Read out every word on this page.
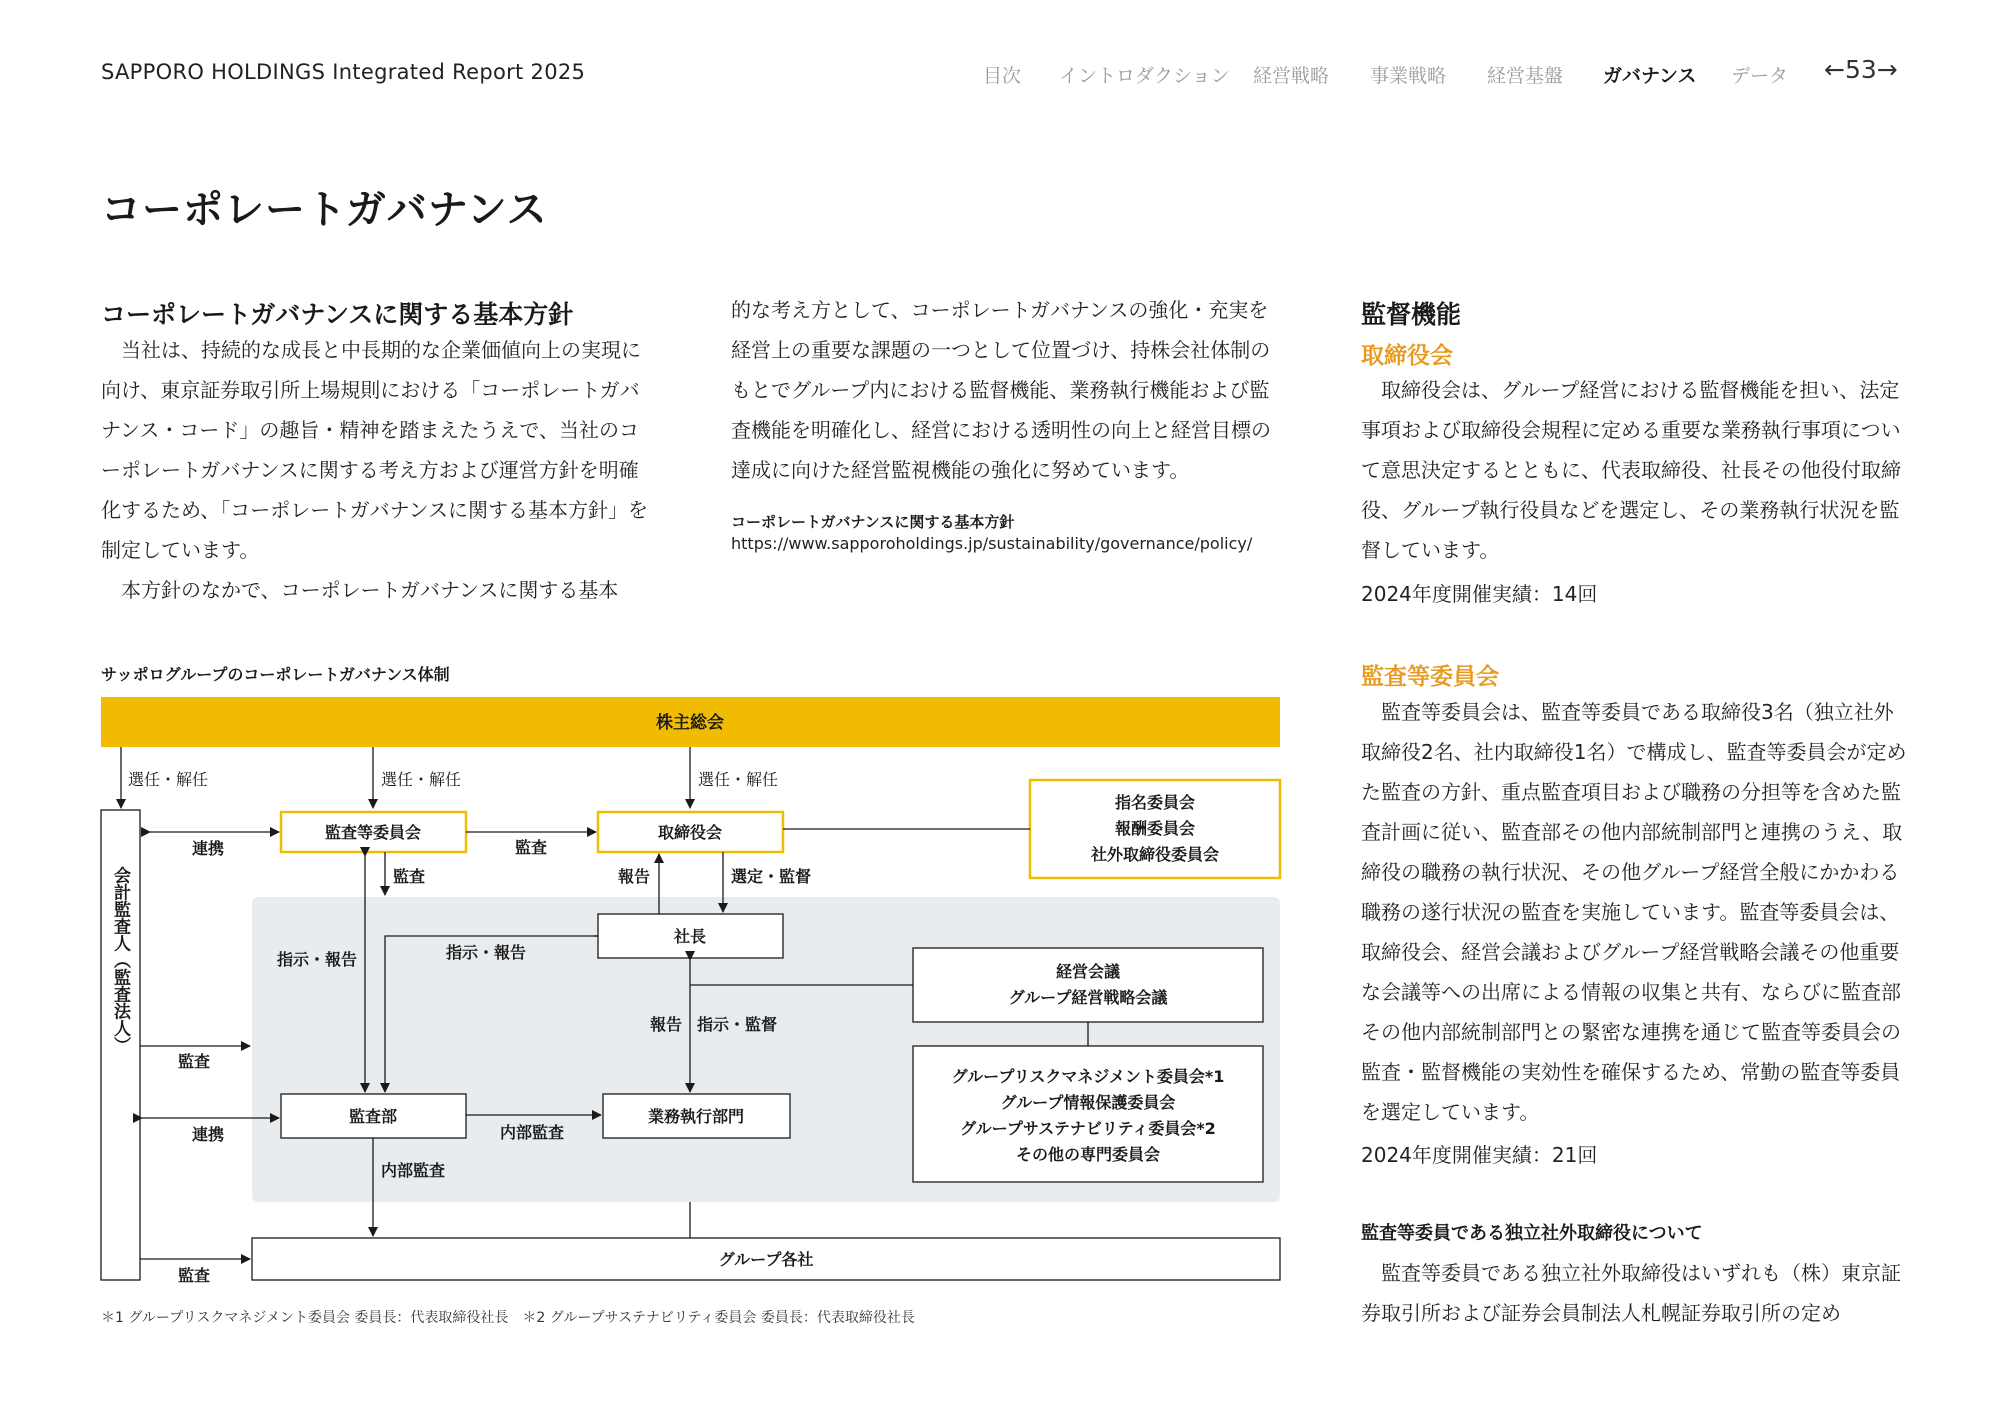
SAPPORO HOLDINGS Integrated Report 2025	目次 イントロダクション 経営戦略 事業戦略 経営基盤 ガバナンス データ ←53→
コーポレートガバナンス
コーポレートガバナンスに関する基本方針

当社は、持続的な成長と中長期的な企業価値向上の実現に向け、東京証券取引所上場規則における「コーポレートガバナンス・コード」の趣旨・精神を踏まえたうえで、当社のコーポレートガバナンスに関する考え方および運営方針を明確化するため、「コーポレートガバナンスに関する基本方針」を制定しています。

本方針のなかで、コーポレートガバナンスに関する基本

的な考え方として、コーポレートガバナンスの強化・充実を経営上の重要な課題の一つとして位置づけ、持株会社体制のもとでグループ内における監督機能、業務執行機能および監査機能を明確化し、経営における透明性の向上と経営目標の達成に向けた経営監視機能の強化に努めています。

コーポレートガバナンスに関する基本方針
https://www.sapporoholdings.jp/sustainability/governance/policy/
監督機能
取締役会

取締役会は、グループ経営における監督機能を担い、法定事項および取締役会規程に定める重要な業務執行事項について意思決定するとともに、代表取締役、社長その他役付取締役、グループ執行役員などを選定し、その業務執行状況を監督しています。

2024年度開催実績：14回
監査等委員会

監査等委員会は、監査等委員である取締役3名（独立社外取締役2名、社内取締役1名）で構成し、監査等委員会が定めた監査の方針、重点監査項目および職務の分担等を含めた監査計画に従い、監査部その他内部統制部門と連携のうえ、取締役の職務の執行状況、その他グループ経営全般にかかわる職務の遂行状況の監査を実施しています。監査等委員会は、取締役会、経営会議およびグループ経営戦略会議その他重要な会議等への出席による情報の収集と共有、ならびに監査部その他内部統制部門との緊密な連携を通じて監査等委員会の監査・監督機能の実効性を確保するため、常勤の監査等委員を選定しています。

2024年度開催実績：21回
監査等委員である独立社外取締役について

監査等委員である独立社外取締役はいずれも（株）東京証券取引所および証券会員制法人札幌証券取引所の定め

サッポログループのコーポレートガバナンス体制
株主総会
選任・解任	選任・解任	選任・解任
会計監査人（監査法人）
監査等委員会	取締役会
指名委員会
報酬委員会
社外取締役委員会
連携	監査
監査	報告	選定・監督
社長
指示・報告	指示・報告
経営会議
グループ経営戦略会議
グループリスクマネジメント委員会*1
グループ情報保護委員会
グループサステナビリティ委員会*2
その他の専門委員会
報告 指示・監督
監査
連携
監査部
内部監査
業務執行部門
内部監査
グループ各社
監査
＊1 グループリスクマネジメント委員会 委員長：代表取締役社長　＊2 グループサステナビリティ委員会 委員長：代表取締役社長
